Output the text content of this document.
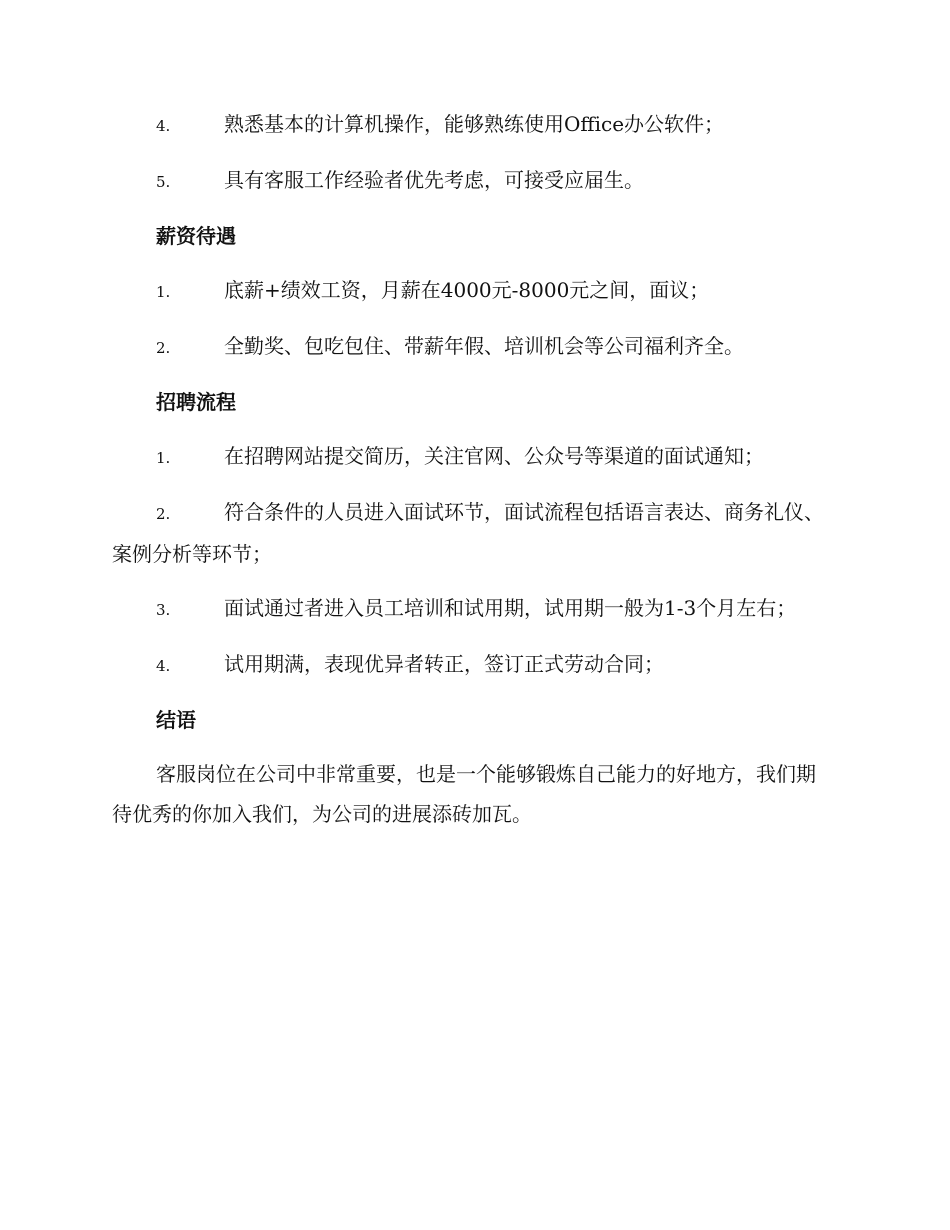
4.	熟悉基本的计算机操作，能够熟练使用Office办公软件；

5.	具有客服工作经验者优先考虑，可接受应届生。

薪资待遇

1.	底薪+绩效工资，月薪在4000元-8000元之间，面议；

2.	全勤奖、包吃包住、带薪年假、培训机会等公司福利齐全。

招聘流程

1.	在招聘网站提交简历，关注官网、公众号等渠道的面试通知；

2.	符合条件的人员进入面试环节，面试流程包括语言表达、商务礼仪、案例分析等环节；

3.	面试通过者进入员工培训和试用期，试用期一般为1-3个月左右；

4.	试用期满，表现优异者转正，签订正式劳动合同；

结语

客服岗位在公司中非常重要，也是一个能够锻炼自己能力的好地方，我们期待优秀的你加入我们，为公司的进展添砖加瓦。
